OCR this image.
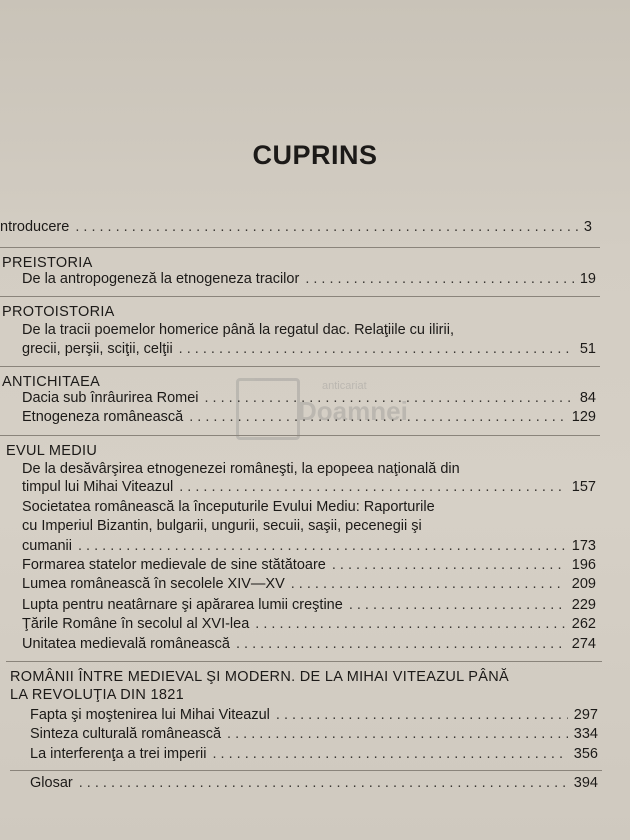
CUPRINS
anticariat
Doamnei
ntroducere . . .	3
PREISTORIA
De la antropogeneză la etnogeneza tracilor . . .	19
PROTOISTORIA
De la tracii poemelor homerice până la regatul dac. Relaţiile cu ilirii,
grecii, perşii, sciţii, celţii . . .	51
ANTICHITAEA
Dacia sub înrâurirea Romei . . .	84
Etnogeneza românească . . .	129
EVUL MEDIU
De la desăvârşirea etnogenezei româneşti, la epopeea naţională din
timpul lui Mihai Viteazul . . .	157
Societatea românească la începuturile Evului Mediu: Raporturile
cu Imperiul Bizantin, bulgarii, ungurii, secuii, saşii, pecenegii şi
cumanii . . .	173
Formarea statelor medievale de sine stătătoare . . .	196
Lumea românească în secolele XIV—XV . . .	209
Lupta pentru neatârnare şi apărarea lumii creştine . . .	229
Ţările Române în secolul al XVI-lea . . .	262
Unitatea medievală românească . . .	274
ROMÂNII ÎNTRE MEDIEVAL ŞI MODERN. DE LA MIHAI VITEAZUL PÂNĂ
LA REVOLUŢIA DIN 1821
Fapta şi moştenirea lui Mihai Viteazul . . .	297
Sinteza culturală românească . . .	334
La interferenţa a trei imperii . . .	356
Glosar . . .	394
